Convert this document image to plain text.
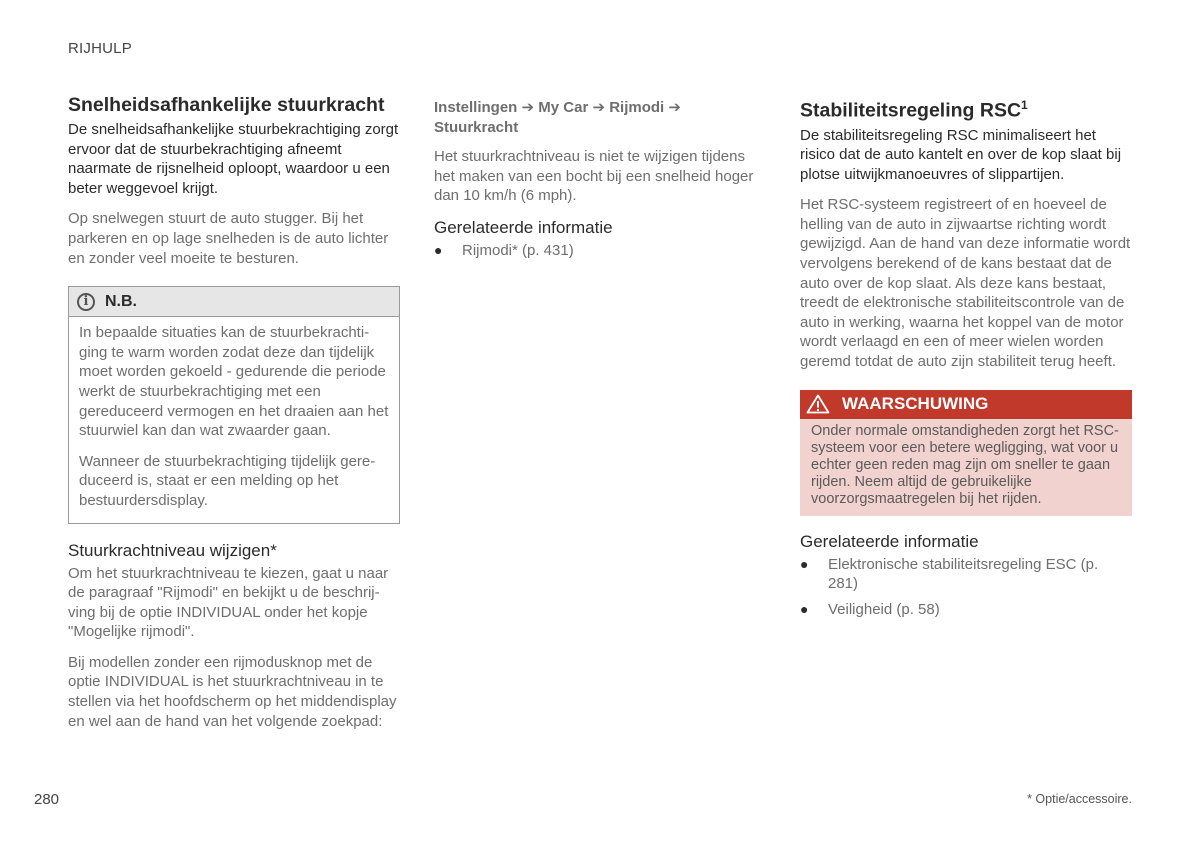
RIJHULP
Snelheidsafhankelijke stuurkracht

De snelheidsafhankelijke stuurbekrachtiging zorgt ervoor dat de stuurbekrachtiging afneemt naarmate de rijsnelheid oploopt, waardoor u een beter weggevoel krijgt.

Op snelwegen stuurt de auto stugger. Bij het parkeren en op lage snelheden is de auto lichter en zonder veel moeite te besturen.

i	N.B.

In bepaalde situaties kan de stuurbekrachti-ging te warm worden zodat deze dan tijdelijk moet worden gekoeld - gedurende die periode werkt de stuurbekrachtiging met een gereduceerd vermogen en het draaien aan het stuurwiel kan dan wat zwaarder gaan.

Wanneer de stuurbekrachtiging tijdelijk gere-duceerd is, staat er een melding op het bestuurdersdisplay.

Stuurkrachtniveau wijzigen*

Om het stuurkrachtniveau te kiezen, gaat u naar de paragraaf "Rijmodi" en bekijkt u de beschrij-ving bij de optie INDIVIDUAL onder het kopje "Mogelijke rijmodi".

Bij modellen zonder een rijmodusknop met de optie INDIVIDUAL is het stuurkrachtniveau in te stellen via het hoofdscherm op het middendisplay en wel aan de hand van het volgende zoekpad:

Instellingen ➔ My Car ➔ Rijmodi ➔
Stuurkracht

Het stuurkrachtniveau is niet te wijzigen tijdens het maken van een bocht bij een snelheid hoger dan 10 km/h (6 mph).

Gerelateerde informatie
● Rijmodi* (p. 431)
Stabiliteitsregeling RSC$^1$

De stabiliteitsregeling RSC minimaliseert het risico dat de auto kantelt en over de kop slaat bij plotse uitwijkmanoeuvres of slippartijen.

Het RSC-systeem registreert of en hoeveel de helling van de auto in zijwaartse richting wordt gewijzigd. Aan de hand van deze informatie wordt vervolgens berekend of de kans bestaat dat de auto over de kop slaat. Als deze kans bestaat, treedt de elektronische stabiliteitscontrole van de auto in werking, waarna het koppel van de motor wordt verlaagd en een of meer wielen worden geremd totdat de auto zijn stabiliteit terug heeft.

WAARSCHUWING

Onder normale omstandigheden zorgt het RSC-systeem voor een betere wegligging, wat voor u echter geen reden mag zijn om sneller te gaan rijden. Neem altijd de gebruikelijke voorzorgsmaatregelen bij het rijden.

Gerelateerde informatie
● Elektronische stabiliteitsregeling ESC (p. 281)
● Veiligheid (p. 58)
280	* Optie/accessoire.
